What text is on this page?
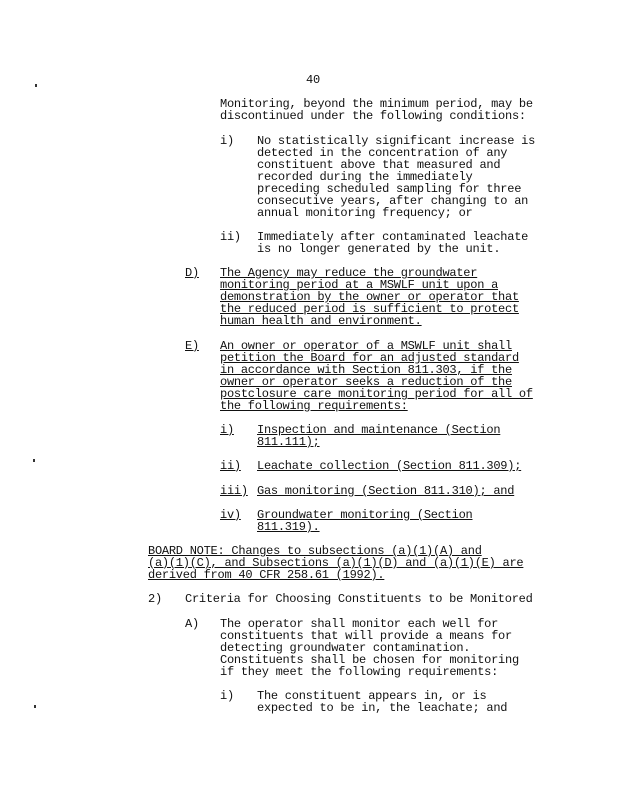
40
Monitoring, beyond the minimum period, may be
discontinued under the following conditions:
i) No statistically significant increase is
detected in the concentration of any
constituent above that measured and
recorded during the immediately
preceding scheduled sampling for three
consecutive years, after changing to an
annual monitoring frequency; or
ii) Immediately after contaminated leachate
is no longer generated by the unit.
D) The Agency may reduce the groundwater
monitoring period at a MSWLF unit upon a
demonstration by the owner or operator that
the reduced period is sufficient to protect
human health and environment.
E) An owner or operator of a MSWLF unit shall
petition the Board for an adjusted standard
in accordance with Section 811.303, if the
owner or operator seeks a reduction of the
postclosure care monitoring period for all of
the following requirements:
i) Inspection and maintenance (Section
811.111);
ii) Leachate collection (Section 811.309);
iii) Gas monitoring (Section 811.310); and
iv) Groundwater monitoring (Section
811.319).
BOARD NOTE: Changes to subsections (a)(1)(A) and
(a)(1)(C), and Subsections (a)(1)(D) and (a)(1)(E) are
derived from 40 CFR 258.61 (1992).
2) Criteria for Choosing Constituents to be Monitored
A) The operator shall monitor each well for
constituents that will provide a means for
detecting groundwater contamination.
Constituents shall be chosen for monitoring
if they meet the following requirements:
i) The constituent appears in, or is
expected to be in, the leachate; and
